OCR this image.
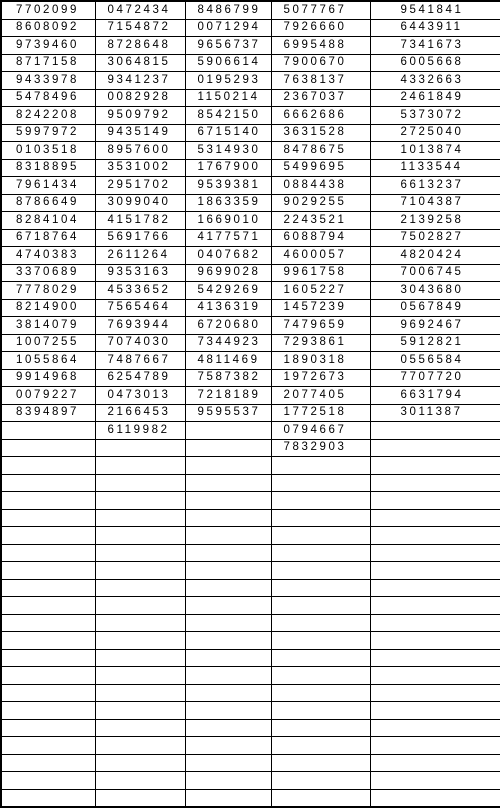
7702099	0472434	8486799	5077767	9541841
8608092	7154872	0071294	7926660	6443911
9739460	8728648	9656737	6995488	7341673
8717158	3064815	5906614	7900670	6005668
9433978	9341237	0195293	7638137	4332663
5478496	0082928	1150214	2367037	2461849
8242208	9509792	8542150	6662686	5373072
5997972	9435149	6715140	3631528	2725040
0103518	8957600	5314930	8478675	1013874
8318895	3531002	1767900	5499695	1133544
7961434	2951702	9539381	0884438	6613237
8786649	3099040	1863359	9029255	7104387
8284104	4151782	1669010	2243521	2139258
6718764	5691766	4177571	6088794	7502827
4740383	2611264	0407682	4600057	4820424
3370689	9353163	9699028	9961758	7006745
7778029	4533652	5429269	1605227	3043680
8214900	7565464	4136319	1457239	0567849
3814079	7693944	6720680	7479659	9692467
1007255	7074030	7344923	7293861	5912821
1055864	7487667	4811469	1890318	0556584
9914968	6254789	7587382	1972673	7707720
0079227	0473013	7218189	2077405	6631794
8394897	2166453	9595537	1772518	3011387
	6119982		0794667	
			7832903	
